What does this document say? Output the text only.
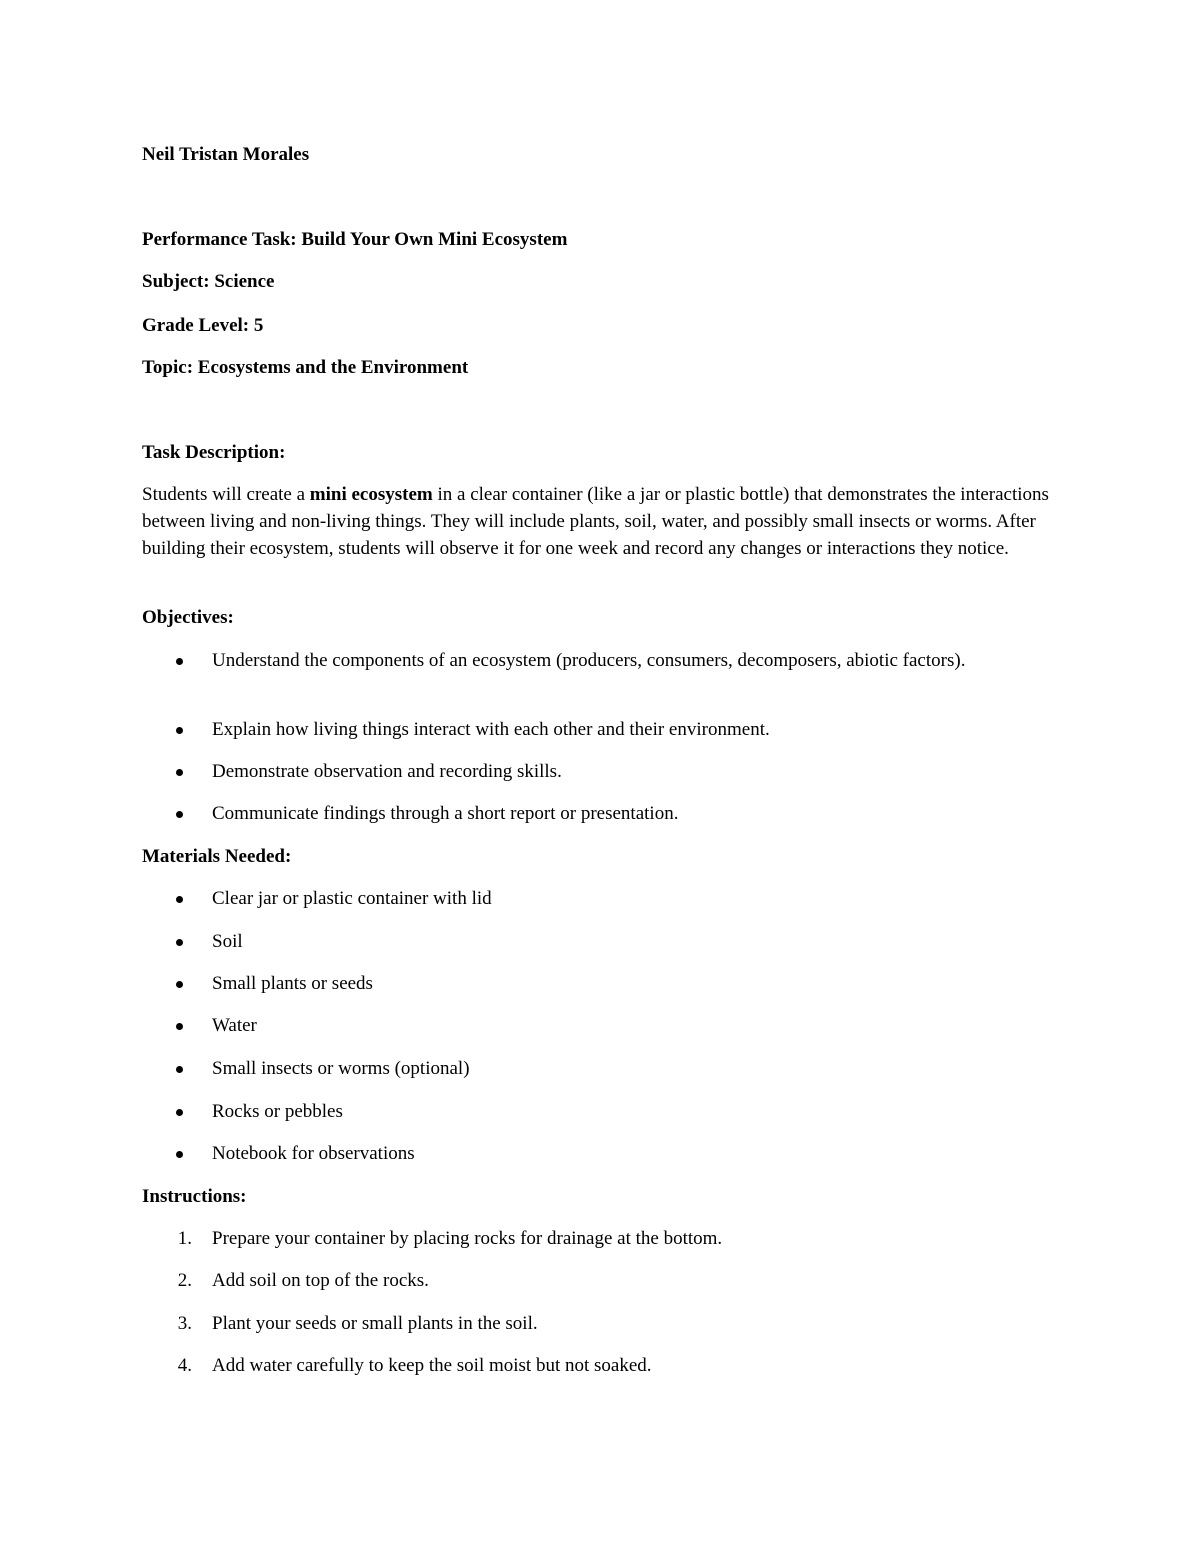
Neil Tristan Morales
Performance Task: Build Your Own Mini Ecosystem
Subject: Science
Grade Level: 5
Topic: Ecosystems and the Environment
Task Description:
Students will create a mini ecosystem in a clear container (like a jar or plastic bottle) that demonstrates the interactions between living and non-living things. They will include plants, soil, water, and possibly small insects or worms. After building their ecosystem, students will observe it for one week and record any changes or interactions they notice.
Objectives:
Understand the components of an ecosystem (producers, consumers, decomposers, abiotic factors).
Explain how living things interact with each other and their environment.
Demonstrate observation and recording skills.
Communicate findings through a short report or presentation.
Materials Needed:
Clear jar or plastic container with lid
Soil
Small plants or seeds
Water
Small insects or worms (optional)
Rocks or pebbles
Notebook for observations
Instructions:
1. Prepare your container by placing rocks for drainage at the bottom.
2. Add soil on top of the rocks.
3. Plant your seeds or small plants in the soil.
4. Add water carefully to keep the soil moist but not soaked.
